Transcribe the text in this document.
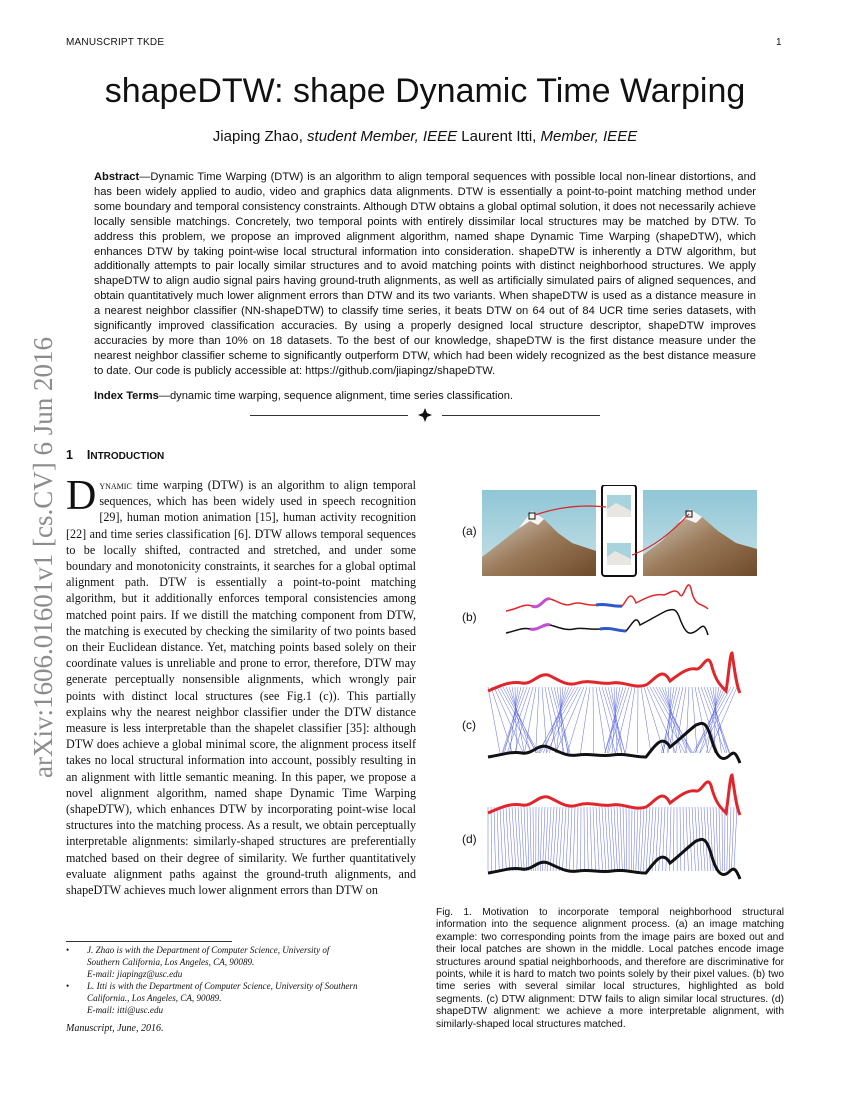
MANUSCRIPT TKDE	1
arXiv:1606.01601v1 [cs.CV] 6 Jun 2016
shapeDTW: shape Dynamic Time Warping
Jiaping Zhao, student Member, IEEE Laurent Itti, Member, IEEE
Abstract—Dynamic Time Warping (DTW) is an algorithm to align temporal sequences with possible local non-linear distortions, and has been widely applied to audio, video and graphics data alignments. DTW is essentially a point-to-point matching method under some boundary and temporal consistency constraints. Although DTW obtains a global optimal solution, it does not necessarily achieve locally sensible matchings. Concretely, two temporal points with entirely dissimilar local structures may be matched by DTW. To address this problem, we propose an improved alignment algorithm, named shape Dynamic Time Warping (shapeDTW), which enhances DTW by taking point-wise local structural information into consideration. shapeDTW is inherently a DTW algorithm, but additionally attempts to pair locally similar structures and to avoid matching points with distinct neighborhood structures. We apply shapeDTW to align audio signal pairs having ground-truth alignments, as well as artificially simulated pairs of aligned sequences, and obtain quantitatively much lower alignment errors than DTW and its two variants. When shapeDTW is used as a distance measure in a nearest neighbor classifier (NN-shapeDTW) to classify time series, it beats DTW on 64 out of 84 UCR time series datasets, with significantly improved classification accuracies. By using a properly designed local structure descriptor, shapeDTW improves accuracies by more than 10% on 18 datasets. To the best of our knowledge, shapeDTW is the first distance measure under the nearest neighbor classifier scheme to significantly outperform DTW, which had been widely recognized as the best distance measure to date. Our code is publicly accessible at: https://github.com/jiapingz/shapeDTW.
Index Terms—dynamic time warping, sequence alignment, time series classification.
1 INTRODUCTION
Dynamic time warping (DTW) is an algorithm to align temporal sequences, which has been widely used in speech recognition [29], human motion animation [15], human activity recognition [22] and time series classification [6]. DTW allows temporal sequences to be locally shifted, contracted and stretched, and under some boundary and monotonicity constraints, it searches for a global optimal alignment path. DTW is essentially a point-to-point matching algorithm, but it additionally enforces temporal consistencies among matched point pairs. If we distill the matching component from DTW, the matching is executed by checking the similarity of two points based on their Euclidean distance. Yet, matching points based solely on their coordinate values is unreliable and prone to error, therefore, DTW may generate perceptually nonsensible alignments, which wrongly pair points with distinct local structures (see Fig.1 (c)). This partially explains why the nearest neighbor classifier under the DTW distance measure is less interpretable than the shapelet classifier [35]: although DTW does achieve a global minimal score, the alignment process itself takes no local structural information into account, possibly resulting in an alignment with little semantic meaning. In this paper, we propose a novel alignment algorithm, named shape Dynamic Time Warping (shapeDTW), which enhances DTW by incorporating point-wise local structures into the matching process. As a result, we obtain perceptually interpretable alignments: similarly-shaped structures are preferentially matched based on their degree of similarity. We further quantitatively evaluate alignment paths against the ground-truth alignments, and shapeDTW achieves much lower alignment errors than DTW on
• J. Zhao is with the Department of Computer Science, University of
Southern California, Los Angeles, CA, 90089.
E-mail: jiapingz@usc.edu
• L. Itti is with the Department of Computer Science, University of Southern
California., Los Angeles, CA, 90089.
E-mail: itti@usc.edu
Manuscript, June, 2016.
(a)
(b)
(c)
(d)
Fig. 1. Motivation to incorporate temporal neighborhood structural information into the sequence alignment process. (a) an image matching example: two corresponding points from the image pairs are boxed out and their local patches are shown in the middle. Local patches encode image structures around spatial neighborhoods, and therefore are discriminative for points, while it is hard to match two points solely by their pixel values. (b) two time series with several similar local structures, highlighted as bold segments. (c) DTW alignment: DTW fails to align similar local structures. (d) shapeDTW alignment: we achieve a more interpretable alignment, with similarly-shaped local structures matched.
